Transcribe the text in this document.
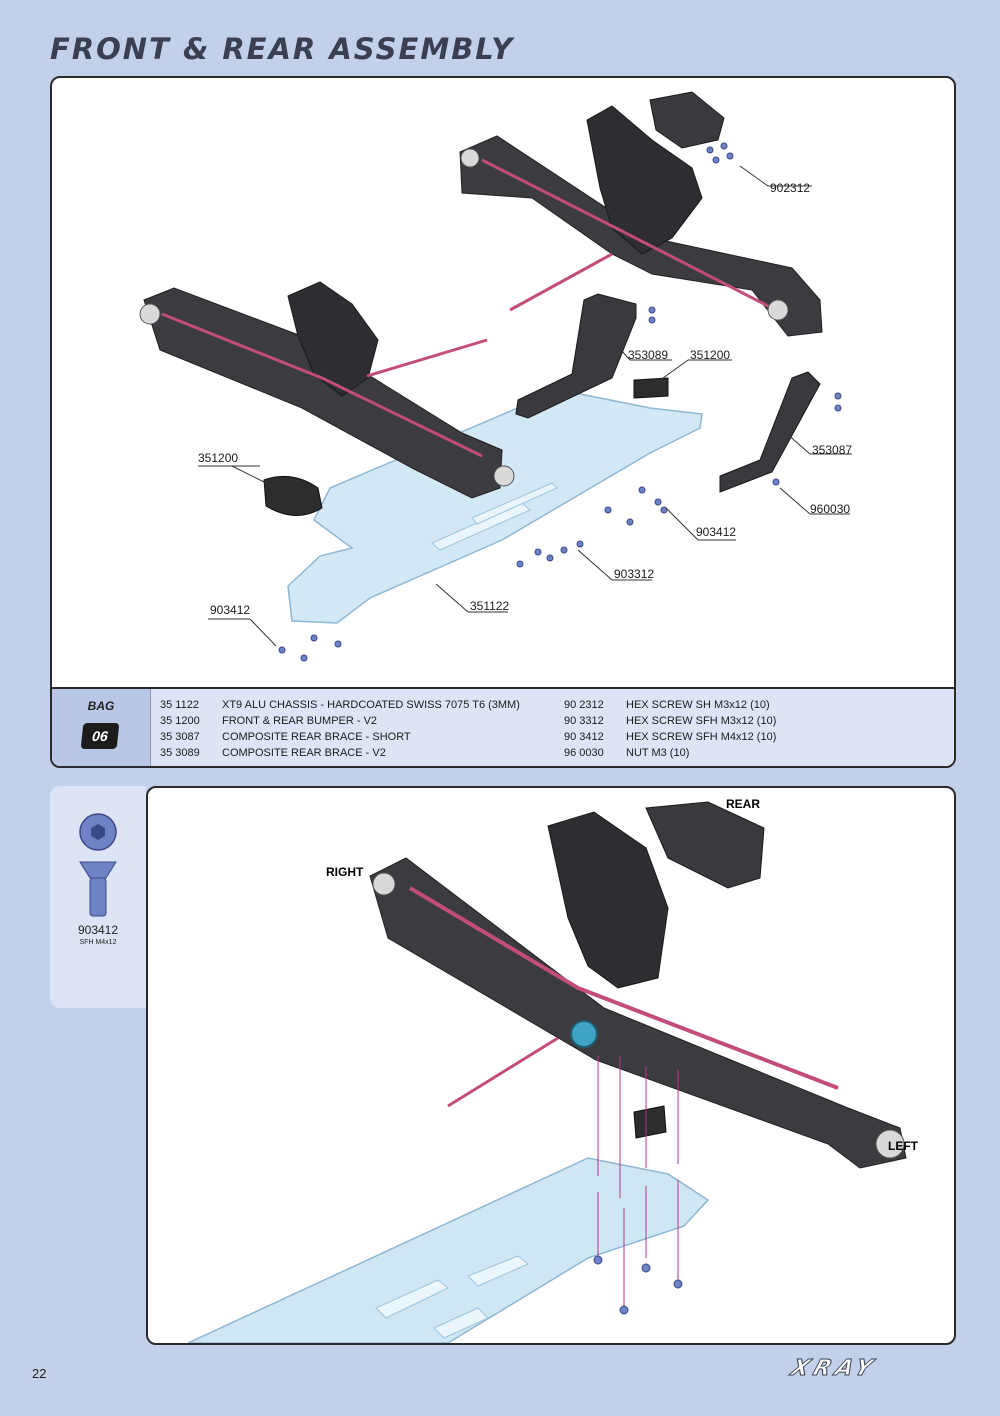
FRONT & REAR ASSEMBLY
902312
353089 351200
351200
353087
960030
903412
903312
351122
903412
BAG
06
35 1122 XT9 ALU CHASSIS - HARDCOATED SWISS 7075 T6 (3MM)
35 1200 FRONT & REAR BUMPER - V2
35 3087 COMPOSITE REAR BRACE - SHORT
35 3089 COMPOSITE REAR BRACE - V2
90 2312 HEX SCREW SH M3x12 (10)
90 3312 HEX SCREW SFH M3x12 (10)
90 3412 HEX SCREW SFH M4x12 (10)
96 0030 NUT M3 (10)
903412
SFH M4x12
REAR
RIGHT
LEFT
22	XRAY
